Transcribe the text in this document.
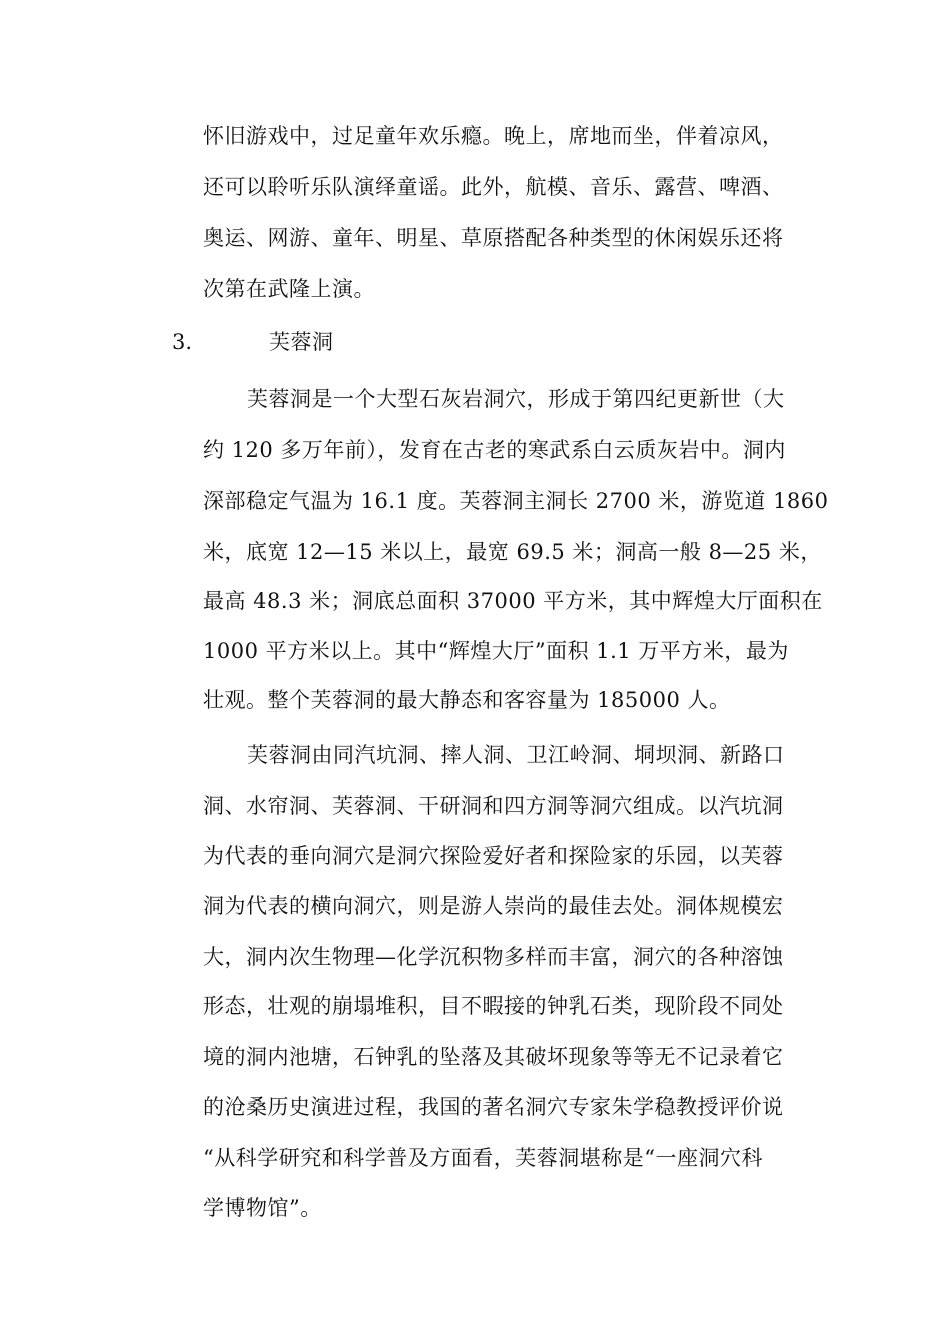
怀旧游戏中，过足童年欢乐瘾。晚上，席地而坐，伴着凉风，
还可以聆听乐队演绎童谣。此外，航模、音乐、露营、啤酒、
奥运、网游、童年、明星、草原搭配各种类型的休闲娱乐还将
次第在武隆上演。
3.	芙蓉洞
芙蓉洞是一个大型石灰岩洞穴，形成于第四纪更新世（大
约 120 多万年前），发育在古老的寒武系白云质灰岩中。洞内
深部稳定气温为 16.1 度。芙蓉洞主洞长 2700 米，游览道 1860
米，底宽 12—15 米以上，最宽 69.5 米；洞高一般 8—25 米，
最高 48.3 米；洞底总面积 37000 平方米，其中辉煌大厅面积在
1000 平方米以上。其中“辉煌大厅”面积 1.1 万平方米，最为
壮观。整个芙蓉洞的最大静态和客容量为 185000 人。
芙蓉洞由同汽坑洞、摔人洞、卫江岭洞、垌坝洞、新路口
洞、水帘洞、芙蓉洞、干研洞和四方洞等洞穴组成。以汽坑洞
为代表的垂向洞穴是洞穴探险爱好者和探险家的乐园，以芙蓉
洞为代表的横向洞穴，则是游人崇尚的最佳去处。洞体规模宏
大，洞内次生物理—化学沉积物多样而丰富，洞穴的各种溶蚀
形态，壮观的崩塌堆积，目不暇接的钟乳石类，现阶段不同处
境的洞内池塘，石钟乳的坠落及其破坏现象等等无不记录着它
的沧桑历史演进过程，我国的著名洞穴专家朱学稳教授评价说
“从科学研究和科学普及方面看，芙蓉洞堪称是“一座洞穴科
学博物馆”。
